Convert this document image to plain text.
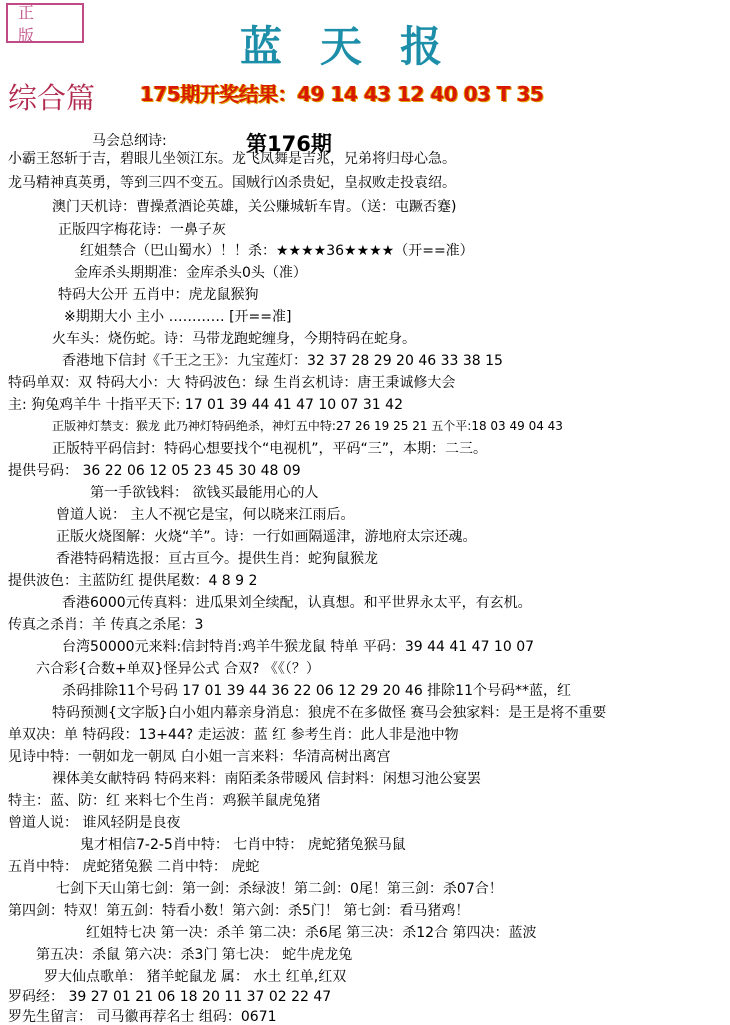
正 版	蓝天报
综合篇 175期开奖结果：49 14 43 12 40 03 T 35
第176期
马会总纲诗:
小霸王怒斩于吉，碧眼儿坐领江东。龙飞凤舞是吉兆，兄弟将归母心急。
龙马精神真英勇，等到三四不变五。国贼行凶杀贵妃，皇叔败走投袁绍。
澳门天机诗：曹操煮酒论英雄，关公赚城斩车胄。（送：屯蹶否蹇)
正版四字梅花诗：一鼻子灰
红姐禁合（巴山蜀水）！！杀：★★★★36★★★★（开==准）
金库杀头期期准：金库杀头0头（准）
特码大公开 五肖中：虎龙鼠猴狗
※期期大小 主小 ………… [开==准]
火车头：烧伤蛇。诗：马带龙跑蛇缠身，今期特码在蛇身。
香港地下信封《千王之王》：九宝莲灯：32 37 28 29 20 46 33 38 15
特码单双：双 特码大小：大 特码波色：绿 生肖玄机诗：唐王秉诚修大会
主: 狗兔鸡羊牛 十指平天下: 17 01 39 44 41 47 10 07 31 42
正版神灯禁支：猴龙 此乃神灯特码绝杀，神灯五中特:27 26 19 25 21 五个平:18 03 49 04 43
正版特平码信封：特码心想要找个“电视机”，平码“三”，本期：二三。
提供号码： 36 22 06 12 05 23 45 30 48 09
第一手欲钱料： 欲钱买最能用心的人
曾道人说： 主人不视它是宝，何以晓来江雨后。
正版火烧图解：火烧“羊”。诗：一行如画隔遥津，游地府太宗还魂。
香港特码精选报：亘古亘今。提供生肖：蛇狗鼠猴龙
提供波色：主蓝防红 提供尾数：4 8 9 2
香港6000元传真料：进瓜果刘全续配，认真想。和平世界永太平，有玄机。
传真之杀肖：羊 传真之杀尾：3
台湾50000元来料:信封特肖:鸡羊牛猴龙鼠 特单 平码：39 44 41 47 10 07
六合彩{合数+单双}怪异公式 合双? 《《（？）
杀码排除11个号码 17 01 39 44 36 22 06 12 29 20 46 排除11个号码**蓝，红
特码预测{文字版}白小姐内幕亲身消息：狼虎不在多做怪 赛马会独家料：是王是将不重要
单双决：单 特码段：13+44? 走运波：蓝 红 参考生肖：此人非是池中物
见诗中特：一朝如龙一朝凤 白小姐一言来料：华清高树出离宫
裸体美女献特码 特码来料：南陌柔条带暖风 信封料：闲想习池公宴罢
特主：蓝、防：红 来料七个生肖：鸡猴羊鼠虎兔猪
曾道人说： 谁风轻阴是良夜
鬼才相信7-2-5肖中特： 七肖中特： 虎蛇猪兔猴马鼠
五肖中特： 虎蛇猪兔猴 二肖中特： 虎蛇
七剑下天山第七剑：第一剑：杀绿波！第二剑：0尾！第三剑：杀07合！
第四剑：特双！第五剑：特看小数！第六剑：杀5门！ 第七剑：看马猪鸡！
红姐特七决 第一决：杀羊 第二决：杀6尾 第三决：杀12合 第四决：蓝波
第五决：杀鼠 第六决：杀3门 第七决： 蛇牛虎龙兔
罗大仙点歌单： 猪羊蛇鼠龙 属： 水土 红单,红双
罗码经： 39 27 01 21 06 18 20 11 37 02 22 47
罗先生留言： 司马徽再荐名士 组码：0671
